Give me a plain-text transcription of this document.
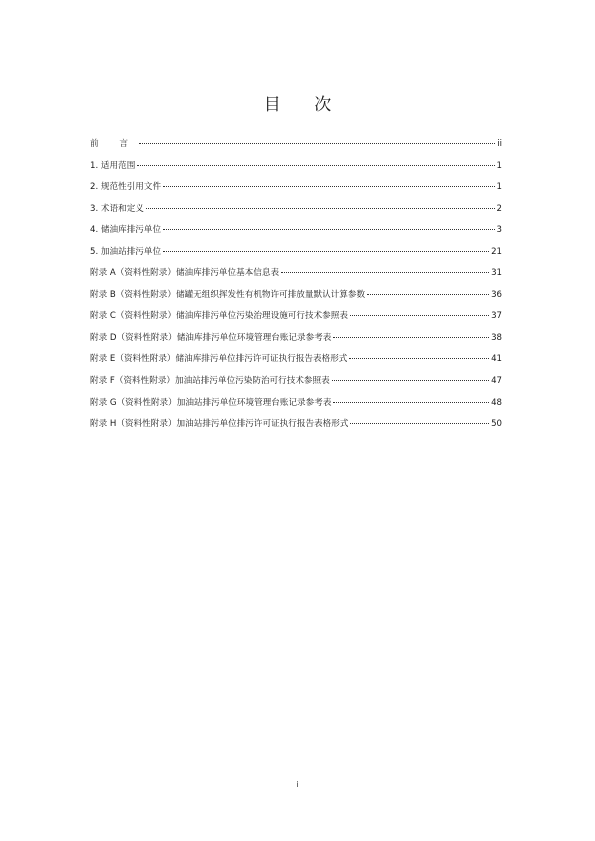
目 次
前 言	ii
1. 适用范围	1
2. 规范性引用文件	1
3. 术语和定义	2
4. 储油库排污单位	3
5. 加油站排污单位	21
附录 A（资料性附录）储油库排污单位基本信息表	31
附录 B（资料性附录）储罐无组织挥发性有机物许可排放量默认计算参数	36
附录 C（资料性附录）储油库排污单位污染治理设施可行技术参照表	37
附录 D（资料性附录）储油库排污单位环境管理台账记录参考表	38
附录 E（资料性附录）储油库排污单位排污许可证执行报告表格形式	41
附录 F（资料性附录）加油站排污单位污染防治可行技术参照表	47
附录 G（资料性附录）加油站排污单位环境管理台账记录参考表	48
附录 H（资料性附录）加油站排污单位排污许可证执行报告表格形式	50
i
